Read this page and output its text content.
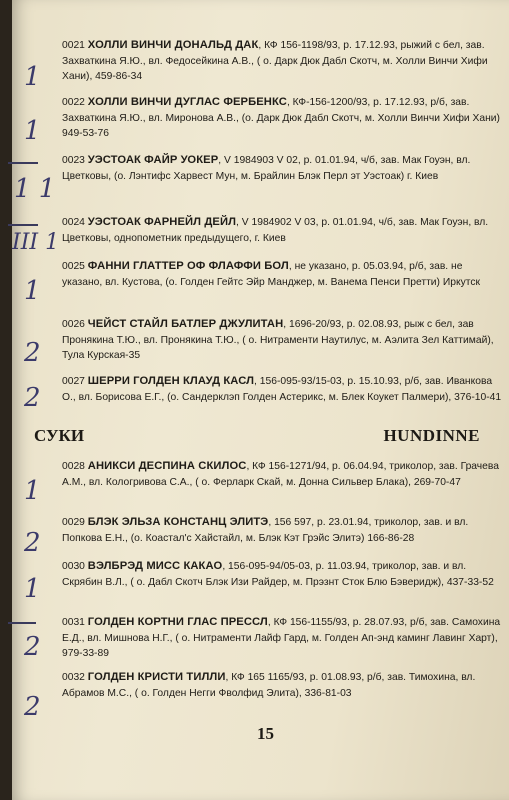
0021 ХОЛЛИ ВИНЧИ ДОНАЛЬД ДАК, КФ 156-1198/93, р. 17.12.93, рыжий с бел, зав. Захваткина Я.Ю., вл. Федосейкина А.В., ( о. Дарк Дюк Дабл Скотч, м. Холли Винчи Хифи Хани), 459-86-34
1
0022 ХОЛЛИ ВИНЧИ ДУГЛАС ФЕРБЕНКС, КФ-156-1200/93, р. 17.12.93, р/б, зав. Захваткина Я.Ю., вл. Миронова А.В., (о. Дарк Дюк Дабл Скотч, м. Холли Винчи Хифи Хани) 949-53-76
1
0023 УЭСТОАК ФАЙР УОКЕР, V 1984903 V 02, р. 01.01.94, ч/б, зав. Мак Гоуэн, вл. Цветковы, (о. Лэнтифс Харвест Мун, м. Брайлин Блэк Перл эт Уэстоак) г. Киев
1 1
0024 УЭСТОАК ФАРНЕЙЛ ДЕЙЛ, V 1984902 V 03, р. 01.01.94, ч/б, зав. Мак Гоуэн, вл. Цветковы, однопометник предыдущего, г. Киев
III 1
0025 ФАННИ ГЛАТТЕР ОФ ФЛАФФИ БОЛ, не указано, р. 05.03.94, р/б, зав. не указано, вл. Кустова, (о. Голден Гейтс Эйр Манджер, м. Ванема Пенси Претти) Иркутск
1
0026 ЧЕЙСТ СТАЙЛ БАТЛЕР ДЖУЛИТАН, 1696-20/93, р. 02.08.93, рыж с бел, зав Пронякина Т.Ю., вл. Пронякина Т.Ю., ( о. Нитраменти Наутилус, м. Аэлита Зел Каттимай), Тула Курская-35
2
0027 ШЕРРИ ГОЛДЕН КЛАУД КАСЛ, 156-095-93/15-03, р. 15.10.93, р/б, зав. Иванкова О., вл. Борисова Е.Г., (о. Сандерклэп Голден Астерикс, м. Блек Коукет Палмери), 376-10-41
2
СУКИ	HUNDINNE
0028 АНИКСИ ДЕСПИНА СКИЛОС, КФ 156-1271/94, р. 06.04.94, триколор, зав. Грачева А.М., вл. Кологривова С.А., ( о. Ферларк Скай, м. Донна Сильвер Блака), 269-70-47
1
0029 БЛЭК ЭЛЬЗА КОНСТАНЦ ЭЛИТЭ, 156 597, р. 23.01.94, триколор, зав. и вл. Попкова Е.Н., (о. Коастал'с Хайстайл, м. Блэк Кэт Грэйс Элитэ) 166-86-28
2
0030 ВЭЛБРЭД МИСС КАКАО, 156-095-94/05-03, р. 11.03.94, триколор, зав. и вл. Скрябин В.Л., ( о. Дабл Скотч Блэк Изи Райдер, м. Прэзнт Сток Блю Бэверидж), 437-33-52
1
0031 ГОЛДЕН КОРТНИ ГЛАС ПРЕССЛ, КФ 156-1155/93, р. 28.07.93, р/б, зав. Самохина Е.Д., вл. Мишнова Н.Г., ( о. Нитраменти Лайф Гард, м. Голден Ап-энд каминг Лавинг Харт), 979-33-89
2
0032 ГОЛДЕН КРИСТИ ТИЛЛИ, КФ 165 1165/93, р. 01.08.93, р/б, зав. Тимохина, вл. Абрамов М.С., ( о. Голден Негги Фволфид Элита), 336-81-03
2
15
